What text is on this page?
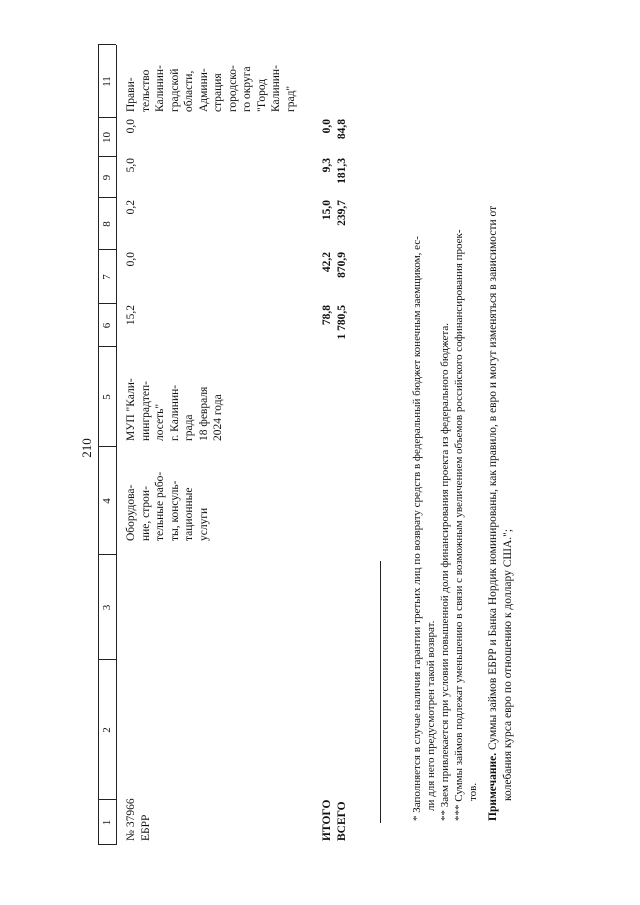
210
1
2
3
4
5
6
7
8
9
10
11
№ 37966
ЕБРР
Оборудова-
ние, строи-
тельные рабо-
ты, консуль-
тационные
услуги
МУП "Кали-
нинградтеп-
лосеть"
г. Калинин-
града
18 февраля
2024 года
15,2
0,0
0,2
5,0
0,0
Прави-
тельство
Калинин-
градской
области,
Админи-
страция
городско-
го округа
"Город
Калинин-
град"
ИТОГО
ВСЕГО
78,8
1 780,5
42,2
870,9
15,0
239,7
9,3
181,3
0,0
84,8
* Заполняется в случае наличия гарантии третьих лиц по возврату средств в федеральный бюджет конечным заемщиком, ес- ли для него предусмотрен такой возврат. ** Заем привлекается при условии повышенной доли финансирования проекта из федерального бюджета. *** Суммы займов подлежат уменьшению в связи с возможным увеличением объемов российского софинансирования проек- тов. Примечание. Суммы займов ЕБРР и Банка Нордик номинированы, как правило, в евро и могут изменяться в зависимости от колебания курса евро по отношению к доллару США.";
